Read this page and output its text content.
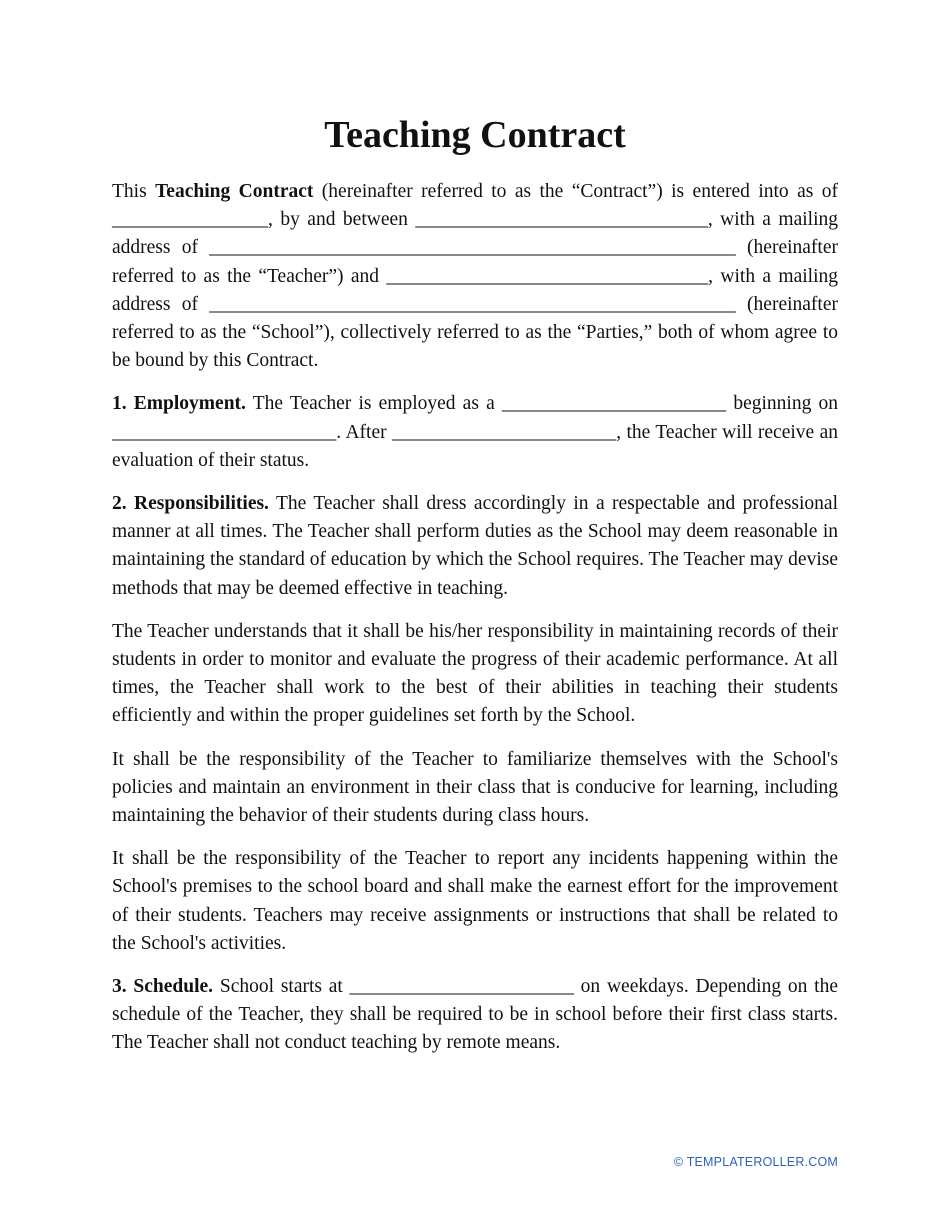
Teaching Contract

This Teaching Contract (hereinafter referred to as the “Contract”) is entered into as of ________________, by and between ______________________________, with a mailing address of ______________________________________________________ (hereinafter referred to as the “Teacher”) and _________________________________, with a mailing address of ______________________________________________________ (hereinafter referred to as the “School”), collectively referred to as the “Parties,” both of whom agree to be bound by this Contract.

1. Employment. The Teacher is employed as a _______________________ beginning on _______________________. After _______________________, the Teacher will receive an evaluation of their status.

2. Responsibilities. The Teacher shall dress accordingly in a respectable and professional manner at all times. The Teacher shall perform duties as the School may deem reasonable in maintaining the standard of education by which the School requires. The Teacher may devise methods that may be deemed effective in teaching.

The Teacher understands that it shall be his/her responsibility in maintaining records of their students in order to monitor and evaluate the progress of their academic performance. At all times, the Teacher shall work to the best of their abilities in teaching their students efficiently and within the proper guidelines set forth by the School.

It shall be the responsibility of the Teacher to familiarize themselves with the School's policies and maintain an environment in their class that is conducive for learning, including maintaining the behavior of their students during class hours.

It shall be the responsibility of the Teacher to report any incidents happening within the School's premises to the school board and shall make the earnest effort for the improvement of their students. Teachers may receive assignments or instructions that shall be related to the School's activities.

3. Schedule. School starts at _______________________ on weekdays. Depending on the schedule of the Teacher, they shall be required to be in school before their first class starts. The Teacher shall not conduct teaching by remote means.

© TEMPLATEROLLER.COM
